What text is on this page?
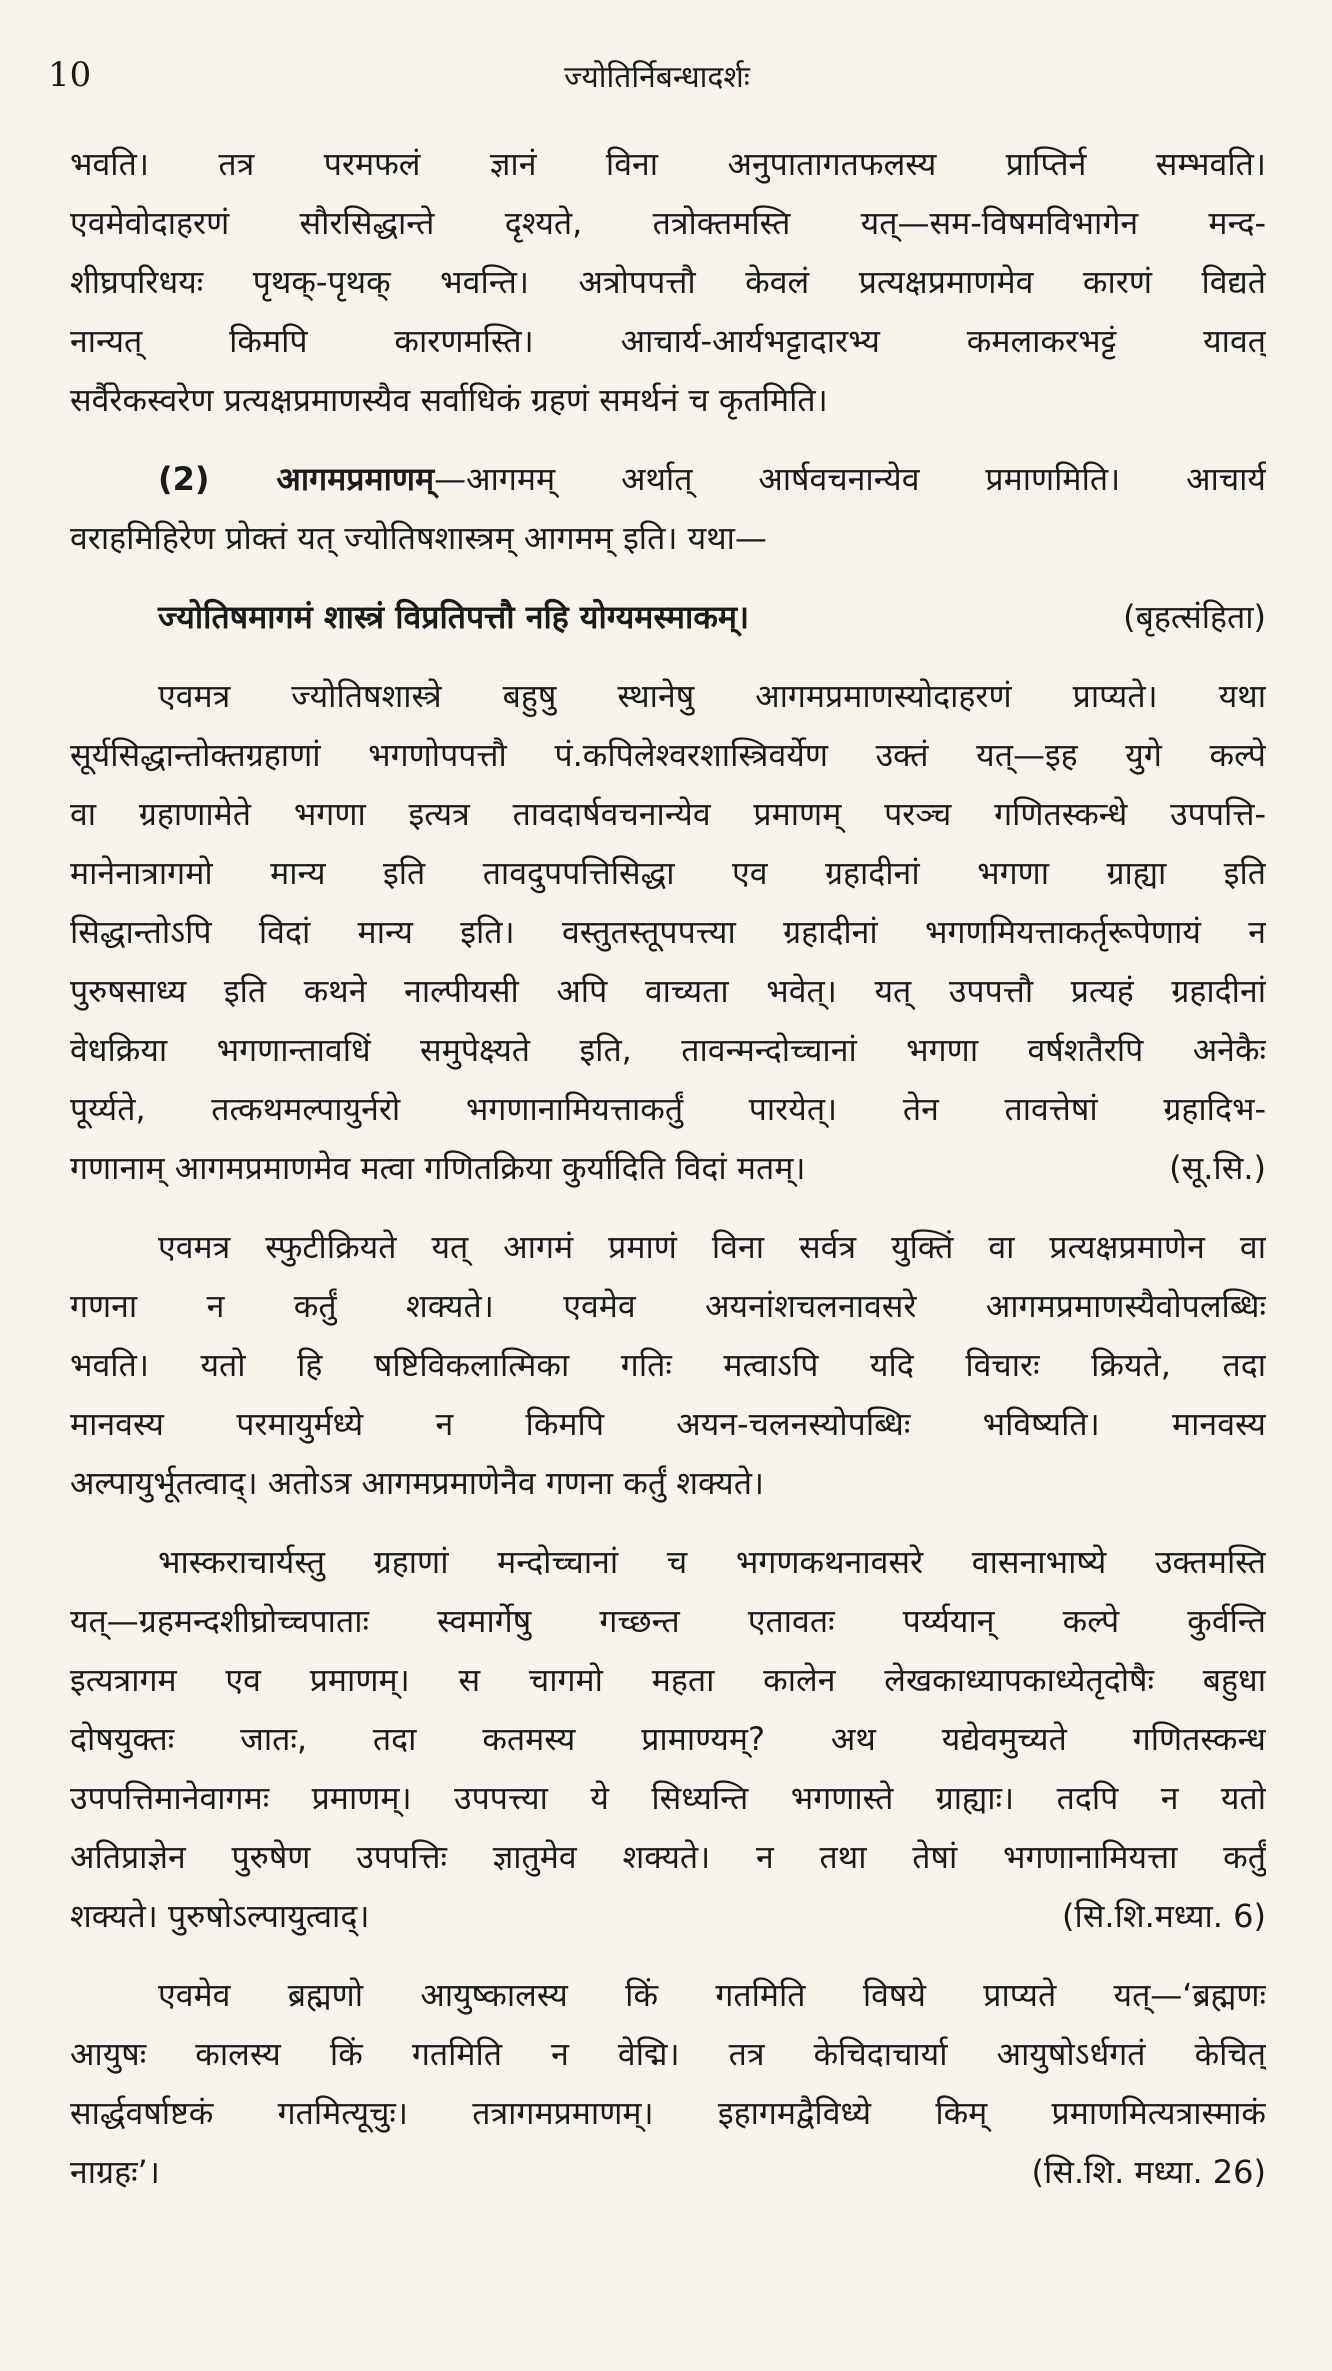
10	ज्योतिर्निबन्धादर्शः
भवति। तत्र परमफलं ज्ञानं विना अनुपातागतफलस्य प्राप्तिर्न सम्भवति।
एवमेवोदाहरणं सौरसिद्धान्ते दृश्यते, तत्रोक्तमस्ति यत्—सम-विषमविभागेन मन्द-
शीघ्रपरिधयः पृथक्-पृथक् भवन्ति। अत्रोपपत्तौ केवलं प्रत्यक्षप्रमाणमेव कारणं विद्यते
नान्यत् किमपि कारणमस्ति। आचार्य-आर्यभट्टादारभ्य कमलाकरभट्टं यावत्
सर्वैरेकस्वरेण प्रत्यक्षप्रमाणस्यैव सर्वाधिकं ग्रहणं समर्थनं च कृतमिति।
(2) आगमप्रमाणम्—आगमम् अर्थात् आर्षवचनान्येव प्रमाणमिति। आचार्य
वराहमिहिरेण प्रोक्तं यत् ज्योतिषशास्त्रम् आगमम् इति। यथा—
ज्योतिषमागमं शास्त्रं विप्रतिपत्तौ नहि योग्यमस्माकम्।	(बृहत्संहिता)
एवमत्र ज्योतिषशास्त्रे बहुषु स्थानेषु आगमप्रमाणस्योदाहरणं प्राप्यते। यथा
सूर्यसिद्धान्तोक्तग्रहाणां भगणोपपत्तौ पं.कपिलेश्वरशास्त्रिवर्येण उक्तं यत्—इह युगे कल्पे
वा ग्रहाणामेते भगणा इत्यत्र तावदार्षवचनान्येव प्रमाणम् परञ्च गणितस्कन्धे उपपत्ति-
मानेनात्रागमो मान्य इति तावदुपपत्तिसिद्धा एव ग्रहादीनां भगणा ग्राह्या इति
सिद्धान्तोऽपि विदां मान्य इति। वस्तुतस्तूपपत्त्या ग्रहादीनां भगणमियत्ताकर्तृरूपेणायं न
पुरुषसाध्य इति कथने नाल्पीयसी अपि वाच्यता भवेत्। यत् उपपत्तौ प्रत्यहं ग्रहादीनां
वेधक्रिया भगणान्तावधिं समुपेक्ष्यते इति, तावन्मन्दोच्चानां भगणा वर्षशतैरपि अनेकैः
पूर्य्यते, तत्कथमल्पायुर्नरो भगणानामियत्ताकर्तुं पारयेत्। तेन तावत्तेषां ग्रहादिभ-
गणानाम् आगमप्रमाणमेव मत्वा गणितक्रिया कुर्यादिति विदां मतम्।	(सू.सि.)
एवमत्र स्फुटीक्रियते यत् आगमं प्रमाणं विना सर्वत्र युक्तिं वा प्रत्यक्षप्रमाणेन वा
गणना न कर्तुं शक्यते। एवमेव अयनांशचलनावसरे आगमप्रमाणस्यैवोपलब्धिः
भवति। यतो हि षष्टिविकलात्मिका गतिः मत्वाऽपि यदि विचारः क्रियते, तदा
मानवस्य परमायुर्मध्ये न किमपि अयन-चलनस्योपब्धिः भविष्यति। मानवस्य
अल्पायुर्भूतत्वाद्। अतोऽत्र आगमप्रमाणेनैव गणना कर्तुं शक्यते।
भास्कराचार्यस्तु ग्रहाणां मन्दोच्चानां च भगणकथनावसरे वासनाभाष्ये उक्तमस्ति
यत्—ग्रहमन्दशीघ्रोच्चपाताः स्वमार्गेषु गच्छन्त एतावतः पर्य्ययान् कल्पे कुर्वन्ति
इत्यत्रागम एव प्रमाणम्। स चागमो महता कालेन लेखकाध्यापकाध्येतृदोषैः बहुधा
दोषयुक्तः जातः, तदा कतमस्य प्रामाण्यम्? अथ यद्येवमुच्यते गणितस्कन्ध
उपपत्तिमानेवागमः प्रमाणम्। उपपत्त्या ये सिध्यन्ति भगणास्ते ग्राह्याः। तदपि न यतो
अतिप्राज्ञेन पुरुषेण उपपत्तिः ज्ञातुमेव शक्यते। न तथा तेषां भगणानामियत्ता कर्तुं
शक्यते। पुरुषोऽल्पायुत्वाद्।	(सि.शि.मध्या. 6)
एवमेव ब्रह्मणो आयुष्कालस्य किं गतमिति विषये प्राप्यते यत्—‘ब्रह्मणः
आयुषः कालस्य किं गतमिति न वेद्मि। तत्र केचिदाचार्या आयुषोऽर्धगतं केचित्
सार्द्धवर्षाष्टकं गतमित्यूचुः। तत्रागमप्रमाणम्। इहागमद्वैविध्ये किम् प्रमाणमित्यत्रास्माकं
नाग्रहः’।	(सि.शि. मध्या. 26)
